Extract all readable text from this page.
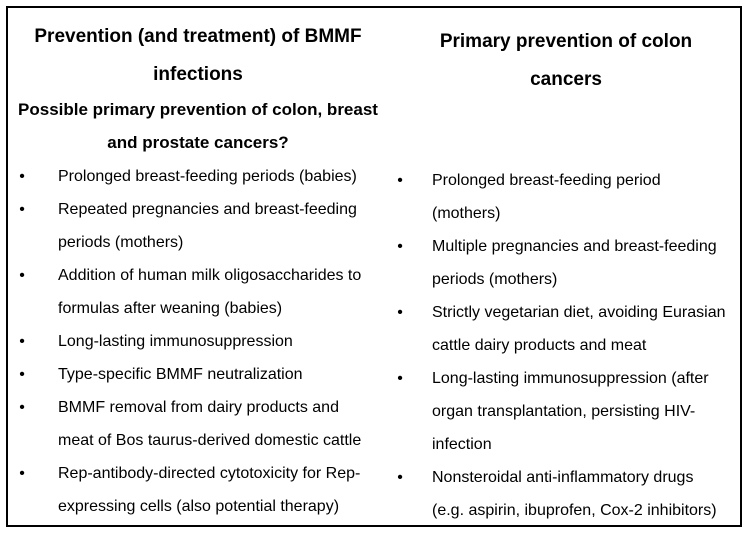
Prevention (and treatment) of BMMF
infections
Possible primary prevention of colon, breast
and prostate cancers?
• Prolonged breast-feeding periods (babies)
• Repeated pregnancies and breast-feeding
periods (mothers)
• Addition of human milk oligosaccharides to
formulas after weaning (babies)
• Long-lasting immunosuppression
• Type-specific BMMF neutralization
• BMMF removal from dairy products and
meat of Bos taurus-derived domestic cattle
• Rep-antibody-directed cytotoxicity for Rep-
expressing cells (also potential therapy)
Primary prevention of colon
cancers
• Prolonged breast-feeding period
(mothers)
• Multiple pregnancies and breast-feeding
periods (mothers)
• Strictly vegetarian diet, avoiding Eurasian
cattle dairy products and meat
• Long-lasting immunosuppression (after
organ transplantation, persisting HIV-
infection
• Nonsteroidal anti-inflammatory drugs
(e.g. aspirin, ibuprofen, Cox-2 inhibitors)
